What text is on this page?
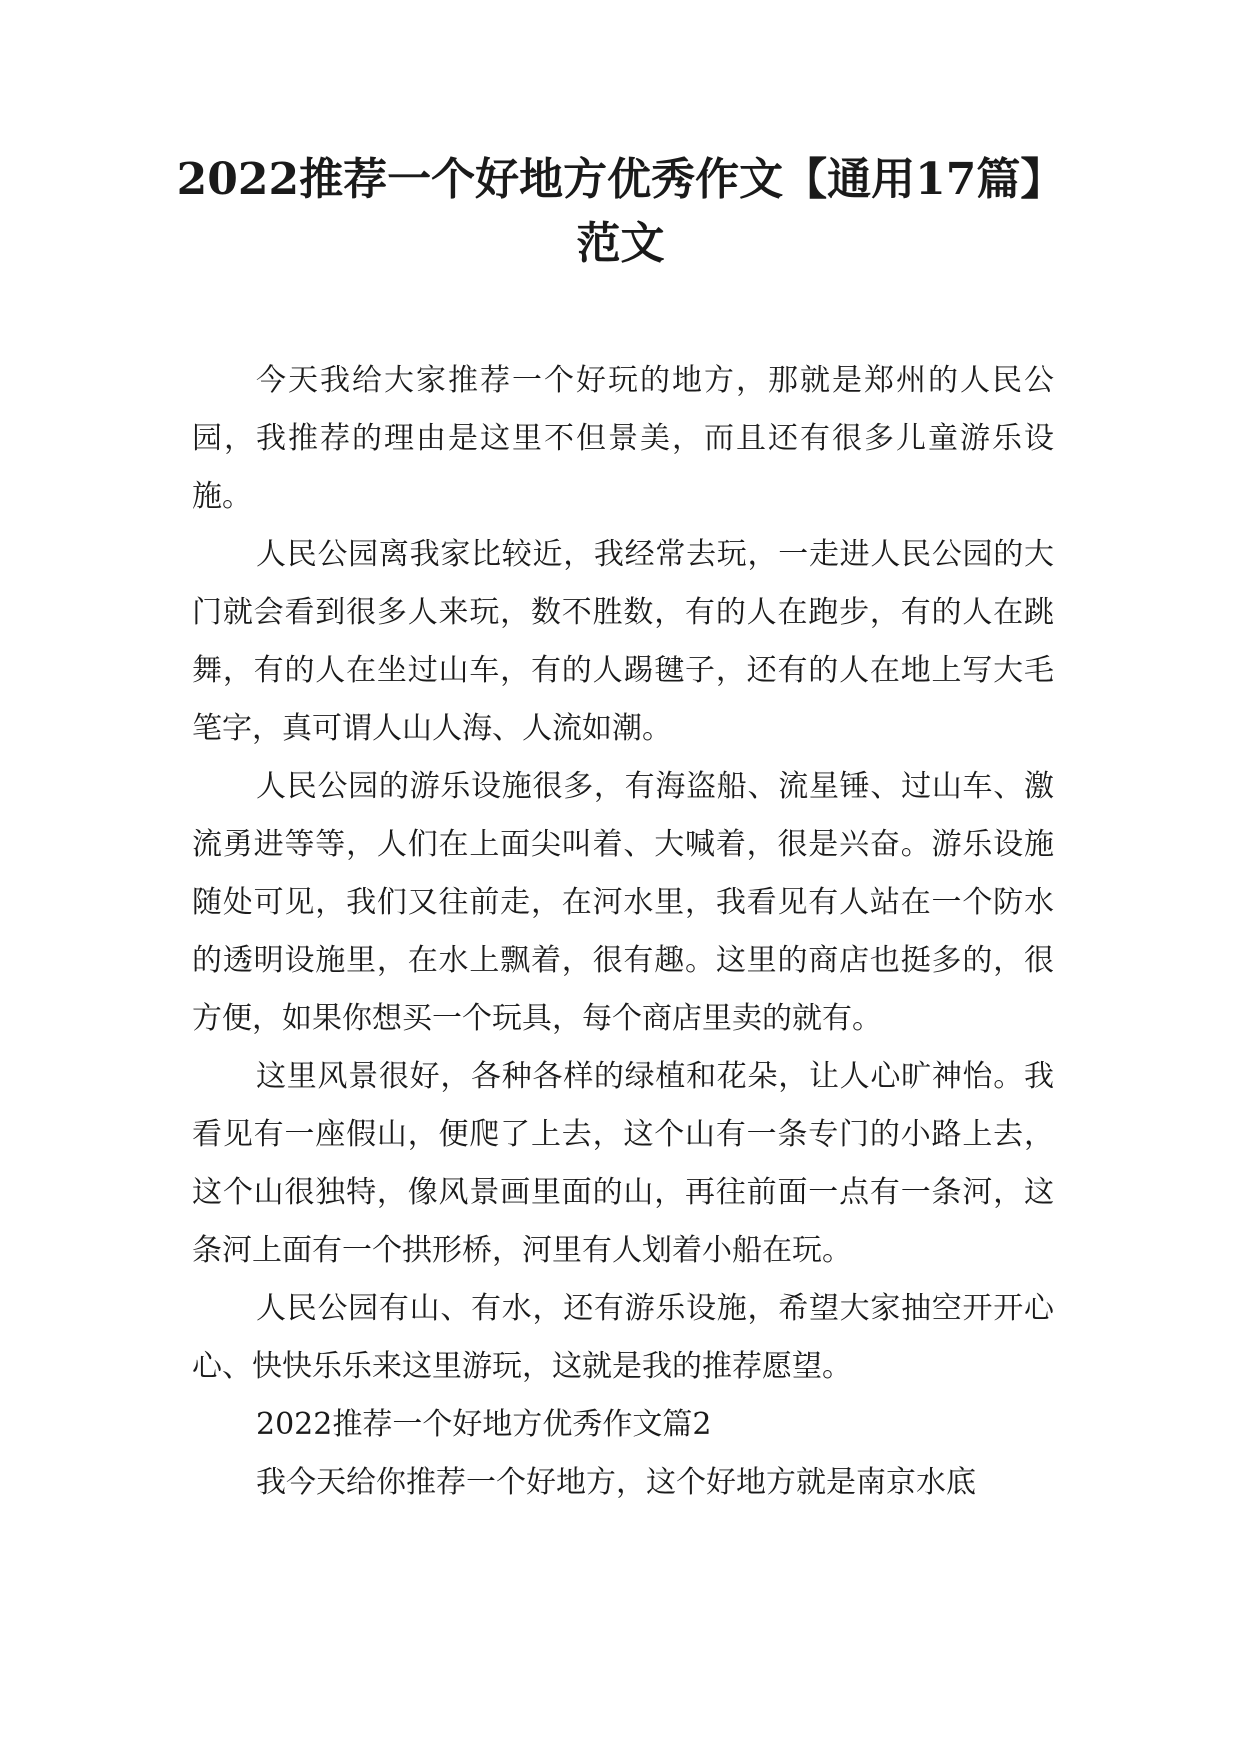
2022推荐一个好地方优秀作文【通用17篇】
范文

今天我给大家推荐一个好玩的地方，那就是郑州的人民公园，我推荐的理由是这里不但景美，而且还有很多儿童游乐设施。

人民公园离我家比较近，我经常去玩，一走进人民公园的大门就会看到很多人来玩，数不胜数，有的人在跑步，有的人在跳舞，有的人在坐过山车，有的人踢毽子，还有的人在地上写大毛笔字，真可谓人山人海、人流如潮。

人民公园的游乐设施很多，有海盗船、流星锤、过山车、激流勇进等等，人们在上面尖叫着、大喊着，很是兴奋。游乐设施随处可见，我们又往前走，在河水里，我看见有人站在一个防水的透明设施里，在水上飘着，很有趣。这里的商店也挺多的，很方便，如果你想买一个玩具，每个商店里卖的就有。

这里风景很好，各种各样的绿植和花朵，让人心旷神怡。我看见有一座假山，便爬了上去，这个山有一条专门的小路上去，这个山很独特，像风景画里面的山，再往前面一点有一条河，这条河上面有一个拱形桥，河里有人划着小船在玩。

人民公园有山、有水，还有游乐设施，希望大家抽空开开心心、快快乐乐来这里游玩，这就是我的推荐愿望。

2022推荐一个好地方优秀作文篇2

我今天给你推荐一个好地方，这个好地方就是南京水底
